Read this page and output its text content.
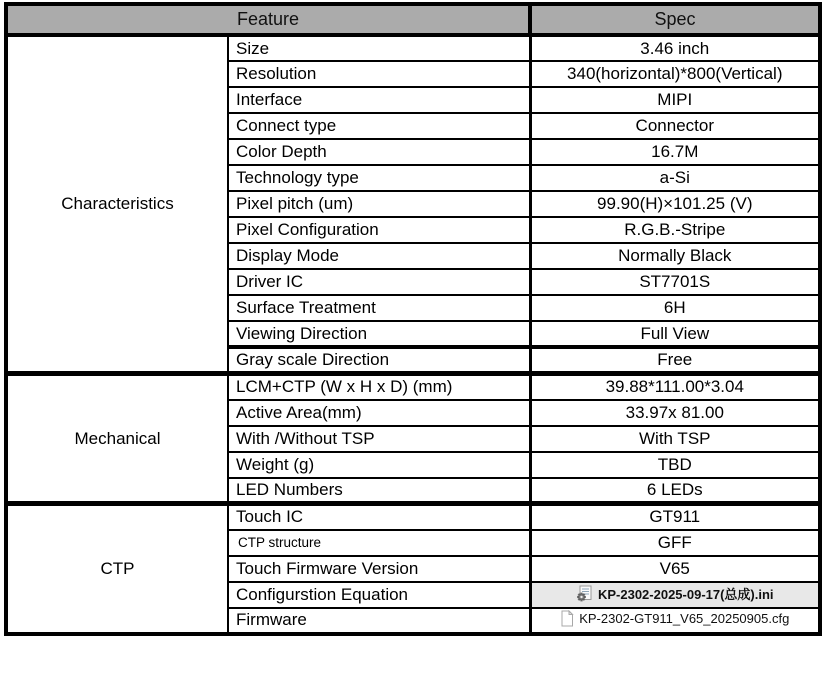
Feature		Spec
Characteristics	Size	3.46 inch
	Resolution	340(horizontal)*800(Vertical)
	Interface	MIPI
	Connect type	Connector
	Color Depth	16.7M
	Technology type	a-Si
	Pixel pitch (um)	99.90(H)×101.25 (V)
	Pixel Configuration	R.G.B.-Stripe
	Display Mode	Normally Black
	Driver IC	ST7701S
	Surface Treatment	6H
	Viewing Direction	Full View
	Gray scale Direction	Free
Mechanical	LCM+CTP (W x H x D) (mm)	39.88*111.00*3.04
	Active Area(mm)	33.97x 81.00
	With /Without TSP	With TSP
	Weight (g)	TBD
	LED Numbers	6 LEDs
CTP	Touch IC	GT911
	CTP structure	GFF
	Touch Firmware Version	V65
	Configurstion Equation	KP-2302-2025-09-17(总成).ini

	Firmware	KP-2302-GT911_V65_20250905.cfg
